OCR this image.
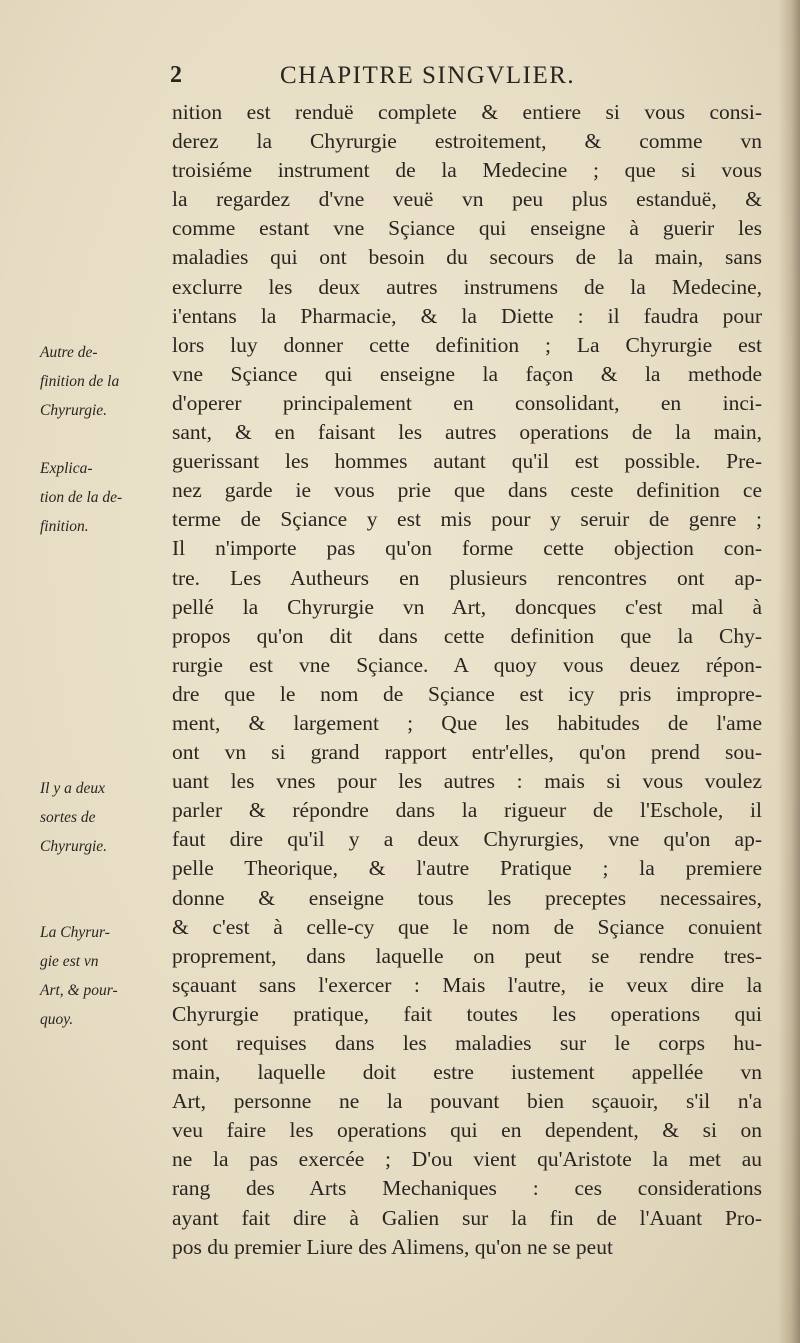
2	CHAPITRE SINGVLIER.
nition est renduë complete & entiere si vous consi-
derez la Chyrurgie estroitement, & comme vn
troisiéme instrument de la Medecine ; que si vous
la regardez d'vne veuë vn peu plus estanduë, &
comme estant vne Sçiance qui enseigne à guerir les
maladies qui ont besoin du secours de la main, sans
exclurre les deux autres instrumens de la Medecine,
i'entans la Pharmacie, & la Diette : il faudra pour
lors luy donner cette definition ; La Chyrurgie est
vne Sçiance qui enseigne la façon & la methode
d'operer principalement en consolidant, en inci-
sant, & en faisant les autres operations de la main,
guerissant les hommes autant qu'il est possible. Pre-
nez garde ie vous prie que dans ceste definition ce
terme de Sçiance y est mis pour y seruir de genre ;
Il n'importe pas qu'on forme cette objection con-
tre. Les Autheurs en plusieurs rencontres ont ap-
pellé la Chyrurgie vn Art, doncques c'est mal à
propos qu'on dit dans cette definition que la Chy-
rurgie est vne Sçiance. A quoy vous deuez répon-
dre que le nom de Sçiance est icy pris impropre-
ment, & largement ; Que les habitudes de l'ame
ont vn si grand rapport entr'elles, qu'on prend sou-
uant les vnes pour les autres : mais si vous voulez
parler & répondre dans la rigueur de l'Eschole, il
faut dire qu'il y a deux Chyrurgies, vne qu'on ap-
pelle Theorique, & l'autre Pratique ; la premiere
donne & enseigne tous les preceptes necessaires,
& c'est à celle-cy que le nom de Sçiance conuient
proprement, dans laquelle on peut se rendre tres-
sçauant sans l'exercer : Mais l'autre, ie veux dire la
Chyrurgie pratique, fait toutes les operations qui
sont requises dans les maladies sur le corps hu-
main, laquelle doit estre iustement appellée vn
Art, personne ne la pouvant bien sçauoir, s'il n'a
veu faire les operations qui en dependent, & si on
ne la pas exercée ; D'ou vient qu'Aristote la met au
rang des Arts Mechaniques : ces considerations
ayant fait dire à Galien sur la fin de l'Auant Pro-
pos du premier Liure des Alimens, qu'on ne se peut
Autre de-
finition de la
Chyrurgie.
Explica-
tion de la de-
finition.
Il y a deux
sortes de
Chyrurgie.
La Chyrur-
gie est vn
Art, & pour-
quoy.
